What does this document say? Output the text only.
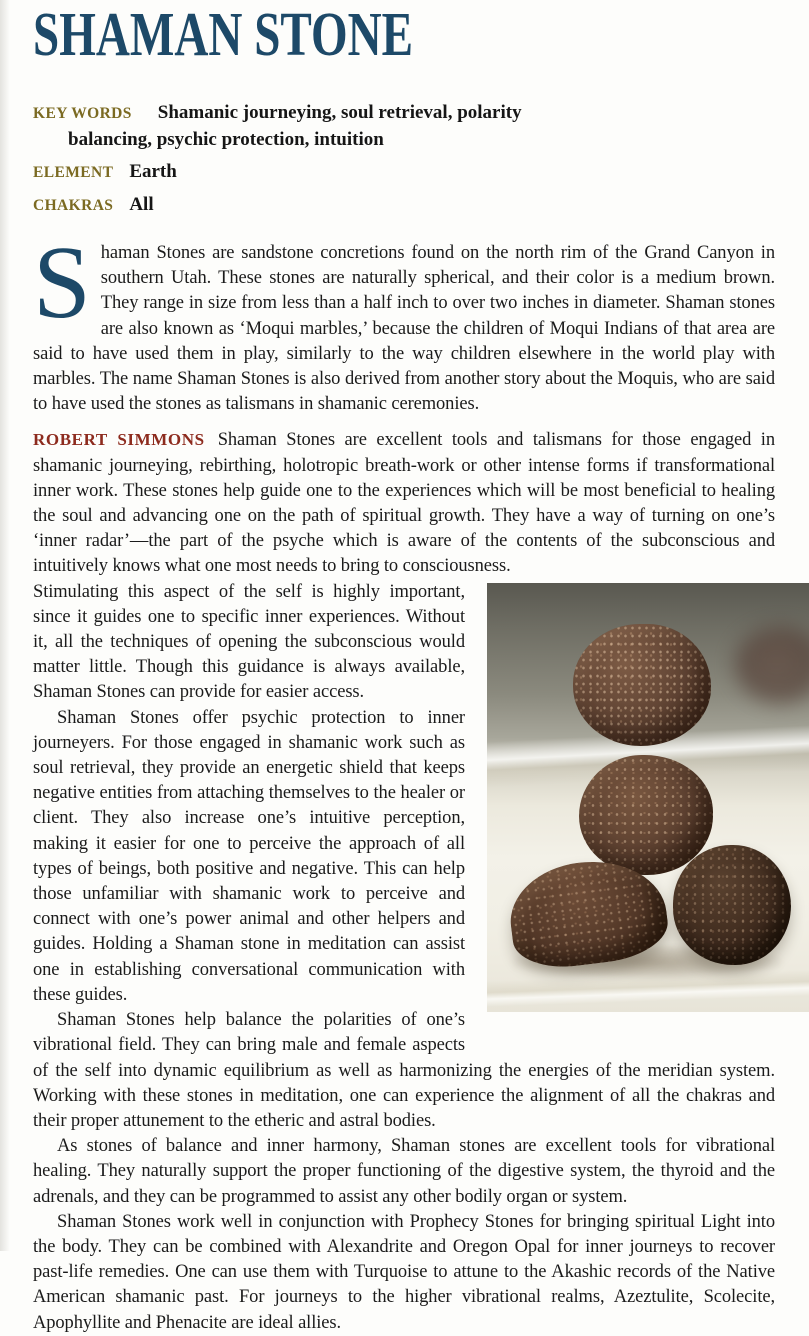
SHAMAN STONE

KEY WORDS Shamanic journeying, soul retrieval, polarity balancing, psychic protection, intuition

ELEMENT Earth

CHAKRAS All

Shaman Stones are sandstone concretions found on the north rim of the Grand Canyon in southern Utah. These stones are naturally spherical, and their color is a medium brown. They range in size from less than a half inch to over two inches in diameter. Shaman stones are also known as ‘Moqui marbles,’ because the children of Moqui Indians of that area are said to have used them in play, similarly to the way children elsewhere in the world play with marbles. The name Shaman Stones is also derived from another story about the Moquis, who are said to have used the stones as talismans in shamanic ceremonies.

ROBERT SIMMONS Shaman Stones are excellent tools and talismans for those engaged in shamanic journeying, rebirthing, holotropic breath-work or other intense forms if transformational inner work. These stones help guide one to the experiences which will be most beneficial to healing the soul and advancing one on the path of spiritual growth. They have a way of turning on one’s ‘inner radar’—the part of the psyche which is aware of the contents of the subconscious and intuitively knows what one most needs to bring to consciousness.

Stimulating this aspect of the self is highly important, since it guides one to specific inner experiences. Without it, all the techniques of opening the subconscious would matter little. Though this guidance is always available, Shaman Stones can provide for easier access.

Shaman Stones offer psychic protection to inner journeyers. For those engaged in shamanic work such as soul retrieval, they provide an energetic shield that keeps negative entities from attaching themselves to the healer or client. They also increase one’s intuitive perception, making it easier for one to perceive the approach of all types of beings, both positive and negative. This can help those unfamiliar with shamanic work to perceive and connect with one’s power animal and other helpers and guides. Holding a Shaman stone in meditation can assist one in establishing conversational communication with these guides.

Shaman Stones help balance the polarities of one’s vibrational field. They can bring male and female aspects of the self into dynamic equilibrium as well as harmonizing the energies of the meridian system. Working with these stones in meditation, one can experience the alignment of all the chakras and their proper attunement to the etheric and astral bodies.

As stones of balance and inner harmony, Shaman stones are excellent tools for vibrational healing. They naturally support the proper functioning of the digestive system, the thyroid and the adrenals, and they can be programmed to assist any other bodily organ or system.

Shaman Stones work well in conjunction with Prophecy Stones for bringing spiritual Light into the body. They can be combined with Alexandrite and Oregon Opal for inner journeys to recover past-life remedies. One can use them with Turquoise to attune to the Akashic records of the Native American shamanic past. For journeys to the higher vibrational realms, Azeztulite, Scolecite, Apophyllite and Phenacite are ideal allies.
